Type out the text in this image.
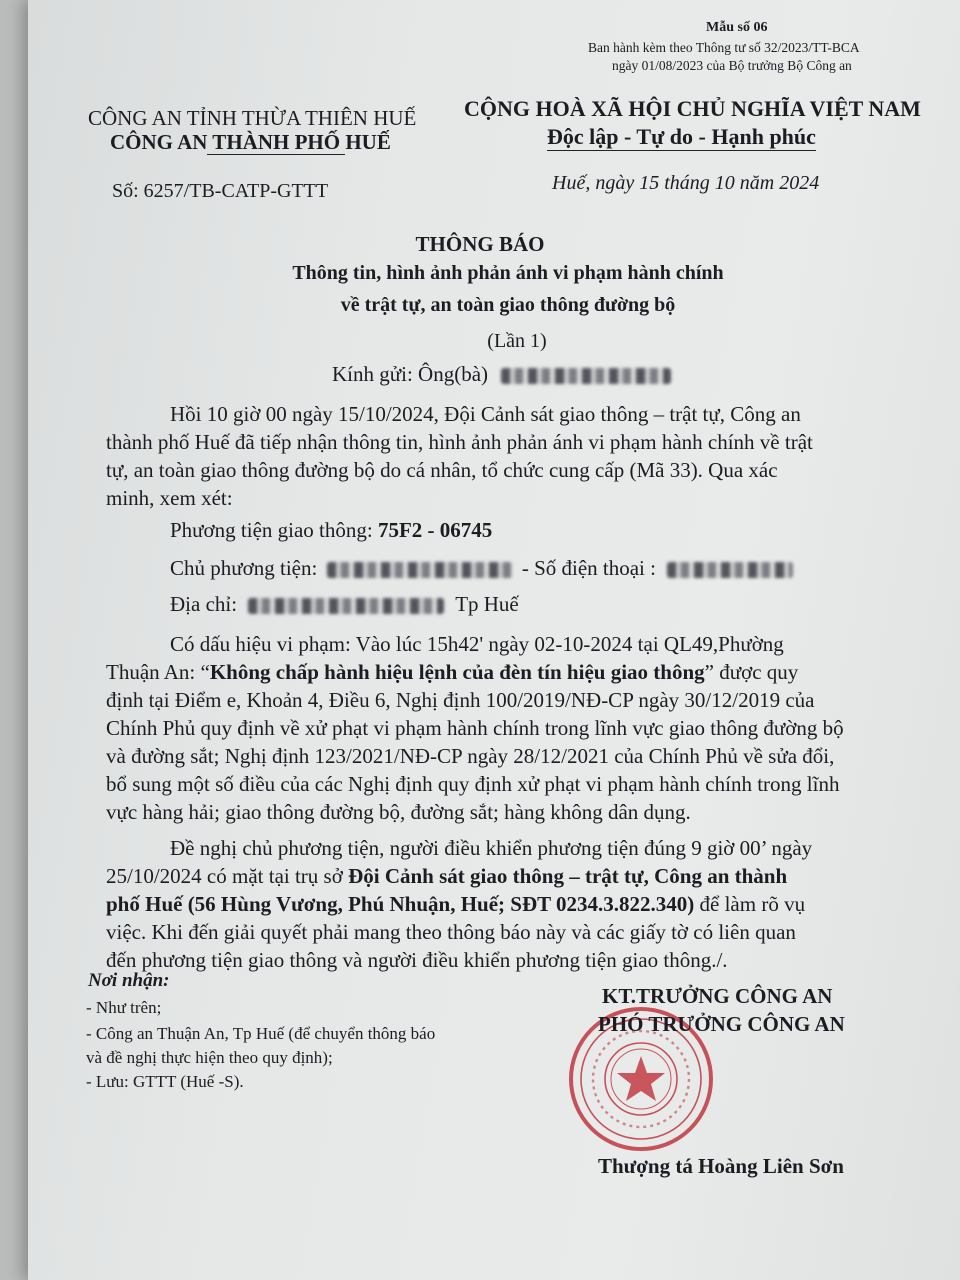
Mẫu số 06
Ban hành kèm theo Thông tư số 32/2023/TT-BCA
ngày 01/08/2023 của Bộ trưởng Bộ Công an
CÔNG AN TỈNH THỪA THIÊN HUẾ
CÔNG AN THÀNH PHỐ HUẾ
CỘNG HOÀ XÃ HỘI CHỦ NGHĨA VIỆT NAM
Độc lập - Tự do - Hạnh phúc
Số: 6257/TB-CATP-GTTT	Huế, ngày 15 tháng 10 năm 2024
THÔNG BÁO
Thông tin, hình ảnh phản ánh vi phạm hành chính
về trật tự, an toàn giao thông đường bộ
(Lần 1)
Kính gửi: Ông(bà)
Hồi 10 giờ 00 ngày 15/10/2024, Đội Cảnh sát giao thông – trật tự, Công an
thành phố Huế đã tiếp nhận thông tin, hình ảnh phản ánh vi phạm hành chính về trật
tự, an toàn giao thông đường bộ do cá nhân, tổ chức cung cấp (Mã 33). Qua xác
minh, xem xét:
Phương tiện giao thông: 75F2 - 06745
Chủ phương tiện:	- Số điện thoại :
Địa chỉ:	Tp Huế
Có dấu hiệu vi phạm: Vào lúc 15h42' ngày 02-10-2024 tại QL49,Phường
Thuận An: “Không chấp hành hiệu lệnh của đèn tín hiệu giao thông” được quy
định tại Điểm e, Khoản 4, Điều 6, Nghị định 100/2019/NĐ-CP ngày 30/12/2019 của
Chính Phủ quy định về xử phạt vi phạm hành chính trong lĩnh vực giao thông đường bộ
và đường sắt; Nghị định 123/2021/NĐ-CP ngày 28/12/2021 của Chính Phủ về sửa đổi,
bổ sung một số điều của các Nghị định quy định xử phạt vi phạm hành chính trong lĩnh
vực hàng hải; giao thông đường bộ, đường sắt; hàng không dân dụng.
Đề nghị chủ phương tiện, người điều khiển phương tiện đúng 9 giờ 00’ ngày
25/10/2024 có mặt tại trụ sở Đội Cảnh sát giao thông – trật tự, Công an thành
phố Huế (56 Hùng Vương, Phú Nhuận, Huế; SĐT 0234.3.822.340) để làm rõ vụ
việc. Khi đến giải quyết phải mang theo thông báo này và các giấy tờ có liên quan
đến phương tiện giao thông và người điều khiển phương tiện giao thông./.
Nơi nhận:
- Như trên;
- Công an Thuận An, Tp Huế (để chuyển thông báo
và đề nghị thực hiện theo quy định);
- Lưu: GTTT (Huế -S).
KT.TRƯỞNG CÔNG AN
PHÓ TRƯỞNG CÔNG AN
Thượng tá Hoàng Liên Sơn
